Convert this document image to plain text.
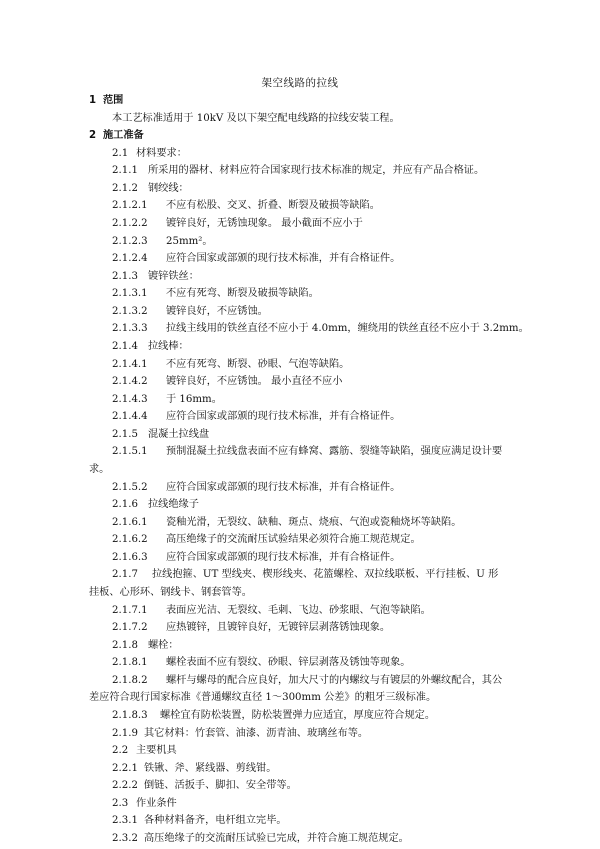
架空线路的拉线
1 范围
本工艺标准适用于 10kV 及以下架空配电线路的拉线安装工程。
2 施工准备
2.1 材料要求：
2.1.1 所采用的器材、材料应符合国家现行技术标准的规定，并应有产品合格证。
2.1.2 钢绞线：
2.1.2.1 不应有松股、交叉、折叠、断裂及破损等缺陷。
2.1.2.2 镀锌良好，无锈蚀现象。 最小截面不应小于
2.1.2.3 25mm²。
2.1.2.4 应符合国家或部颁的现行技术标准，并有合格证件。
2.1.3 镀锌铁丝：
2.1.3.1 不应有死弯、断裂及破损等缺陷。
2.1.3.2 镀锌良好，不应锈蚀。
2.1.3.3 拉线主线用的铁丝直径不应小于 4.0mm，缠绕用的铁丝直径不应小于 3.2mm。
2.1.4 拉线棒：
2.1.4.1 不应有死弯、断裂、砂眼、气泡等缺陷。
2.1.4.2 镀锌良好，不应锈蚀。 最小直径不应小
2.1.4.3 于 16mm。
2.1.4.4 应符合国家或部颁的现行技术标准，并有合格证件。
2.1.5 混凝土拉线盘
2.1.5.1 预制混凝土拉线盘表面不应有蜂窝、露筋、裂缝等缺陷，强度应满足设计要
求。
2.1.5.2 应符合国家或部颁的现行技术标准，并有合格证件。
2.1.6 拉线绝缘子
2.1.6.1 瓷釉光滑，无裂纹、缺釉、斑点、烧痕、气泡或瓷釉烧坏等缺陷。
2.1.6.2 高压绝缘子的交流耐压试验结果必须符合施工规范规定。
2.1.6.3 应符合国家或部颁的现行技术标准，并有合格证件。
2.1.7 拉线抱箍、UT 型线夹、楔形线夹、花篮螺栓、双拉线联板、平行挂板、U 形
挂板、心形环、钢线卡、钢套管等。
2.1.7.1 表面应光洁、无裂纹、毛刺、飞边、砂浆眼、气泡等缺陷。
2.1.7.2 应热镀锌，且镀锌良好，无镀锌层剥落锈蚀现象。
2.1.8 螺栓：
2.1.8.1 螺栓表面不应有裂纹、砂眼、锌层剥落及锈蚀等现象。
2.1.8.2 螺杆与螺母的配合应良好，加大尺寸的内螺纹与有镀层的外螺纹配合，其公
差应符合现行国家标准《普通螺纹直径 1～300mm 公差》的粗牙三级标准。
2.1.8.3 螺栓宜有防松装置，防松装置弹力应适宜，厚度应符合规定。
2.1.9 其它材料：竹套管、油漆、沥青油、玻璃丝布等。
2.2 主要机具
2.2.1 铁锹、斧、紧线器、剪线钳。
2.2.2 倒链、活扳手、脚扣、安全带等。
2.3 作业条件
2.3.1 各种材料备齐，电杆组立完毕。
2.3.2 高压绝缘子的交流耐压试验已完成，并符合施工规范规定。
